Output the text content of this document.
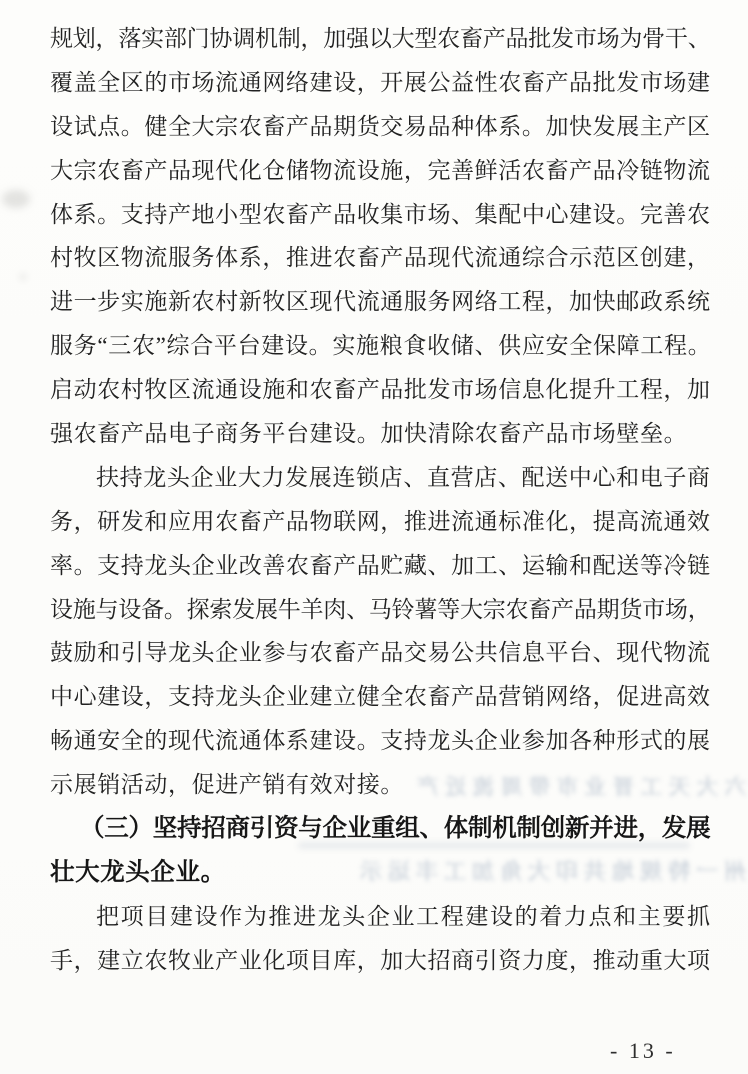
六大天工晋业市带周流近产
州一特规地共印大角加工丰运示
规划，落实部门协调机制，加强以大型农畜产品批发市场为骨干、
覆盖全区的市场流通网络建设，开展公益性农畜产品批发市场建
设试点。健全大宗农畜产品期货交易品种体系。加快发展主产区
大宗农畜产品现代化仓储物流设施，完善鲜活农畜产品冷链物流
体系。支持产地小型农畜产品收集市场、集配中心建设。完善农
村牧区物流服务体系，推进农畜产品现代流通综合示范区创建，
进一步实施新农村新牧区现代流通服务网络工程，加快邮政系统
服务“三农”综合平台建设。实施粮食收储、供应安全保障工程。
启动农村牧区流通设施和农畜产品批发市场信息化提升工程，加
强农畜产品电子商务平台建设。加快清除农畜产品市场壁垒。
扶持龙头企业大力发展连锁店、直营店、配送中心和电子商
务，研发和应用农畜产品物联网，推进流通标准化，提高流通效
率。支持龙头企业改善农畜产品贮藏、加工、运输和配送等冷链
设施与设备。探索发展牛羊肉、马铃薯等大宗农畜产品期货市场，
鼓励和引导龙头企业参与农畜产品交易公共信息平台、现代物流
中心建设，支持龙头企业建立健全农畜产品营销网络，促进高效
畅通安全的现代流通体系建设。支持龙头企业参加各种形式的展
示展销活动，促进产销有效对接。
（三）坚持招商引资与企业重组、体制机制创新并进，发展
壮大龙头企业。
把项目建设作为推进龙头企业工程建设的着力点和主要抓
手，建立农牧业产业化项目库，加大招商引资力度，推动重大项
- 13 -
